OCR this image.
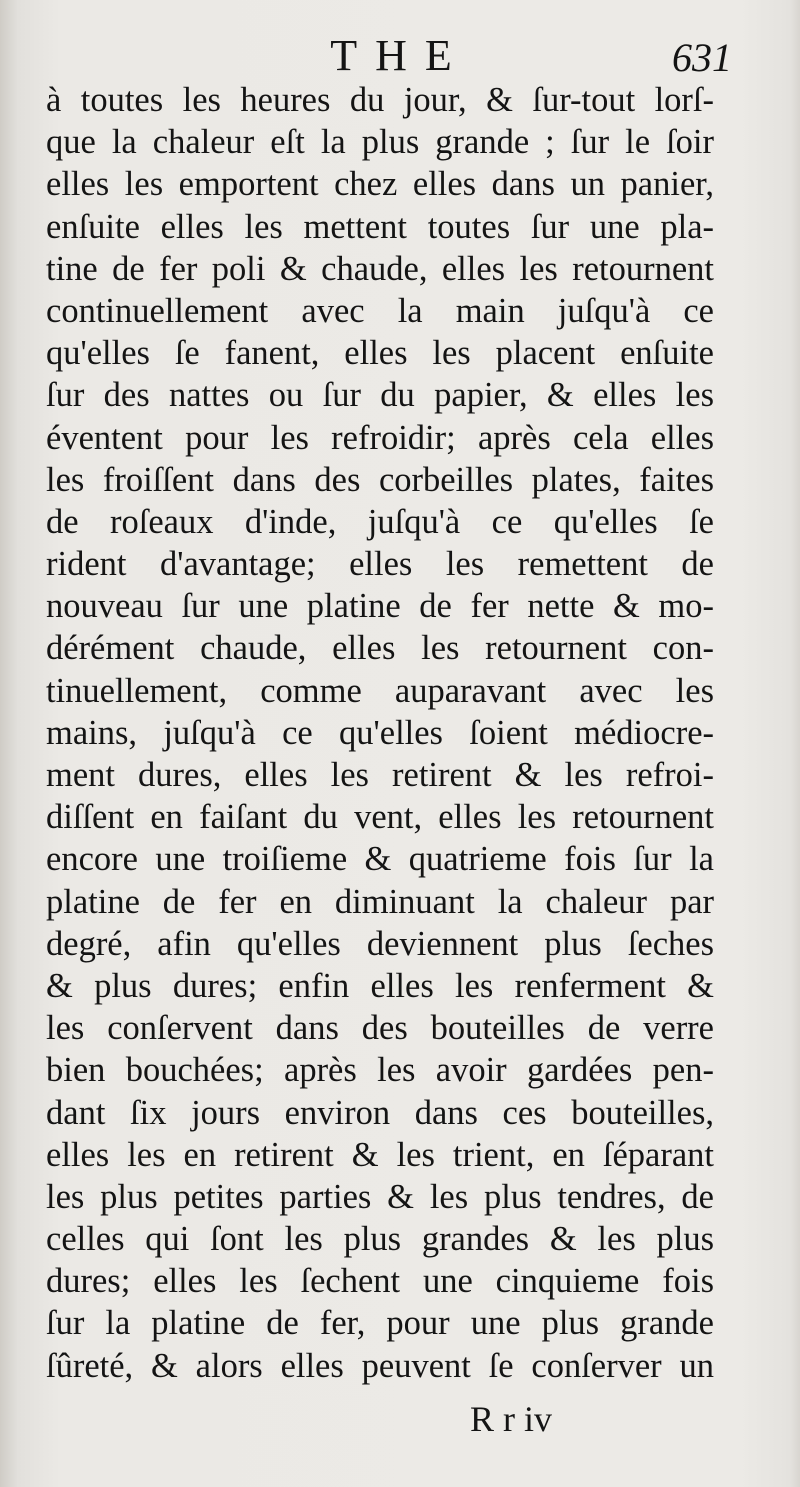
THE	631
à toutes les heures du jour, & ſur-tout lorſ-
que la chaleur eſt la plus grande ; ſur le ſoir
elles les emportent chez elles dans un panier,
enſuite elles les mettent toutes ſur une pla-
tine de fer poli & chaude, elles les retournent
continuellement avec la main juſqu'à ce
qu'elles ſe fanent, elles les placent enſuite
ſur des nattes ou ſur du papier, & elles les
éventent pour les refroidir; après cela elles
les froiſſent dans des corbeilles plates, faites
de roſeaux d'inde, juſqu'à ce qu'elles ſe
rident d'avantage; elles les remettent de
nouveau ſur une platine de fer nette & mo-
dérément chaude, elles les retournent con-
tinuellement, comme auparavant avec les
mains, juſqu'à ce qu'elles ſoient médiocre-
ment dures, elles les retirent & les refroi-
diſſent en faiſant du vent, elles les retournent
encore une troiſieme & quatrieme fois ſur la
platine de fer en diminuant la chaleur par
degré, afin qu'elles deviennent plus ſeches
& plus dures; enfin elles les renferment &
les conſervent dans des bouteilles de verre
bien bouchées; après les avoir gardées pen-
dant ſix jours environ dans ces bouteilles,
elles les en retirent & les trient, en ſéparant
les plus petites parties & les plus tendres, de
celles qui ſont les plus grandes & les plus
dures; elles les ſechent une cinquieme fois
ſur la platine de fer, pour une plus grande
ſûreté, & alors elles peuvent ſe conſerver un
R r iv
